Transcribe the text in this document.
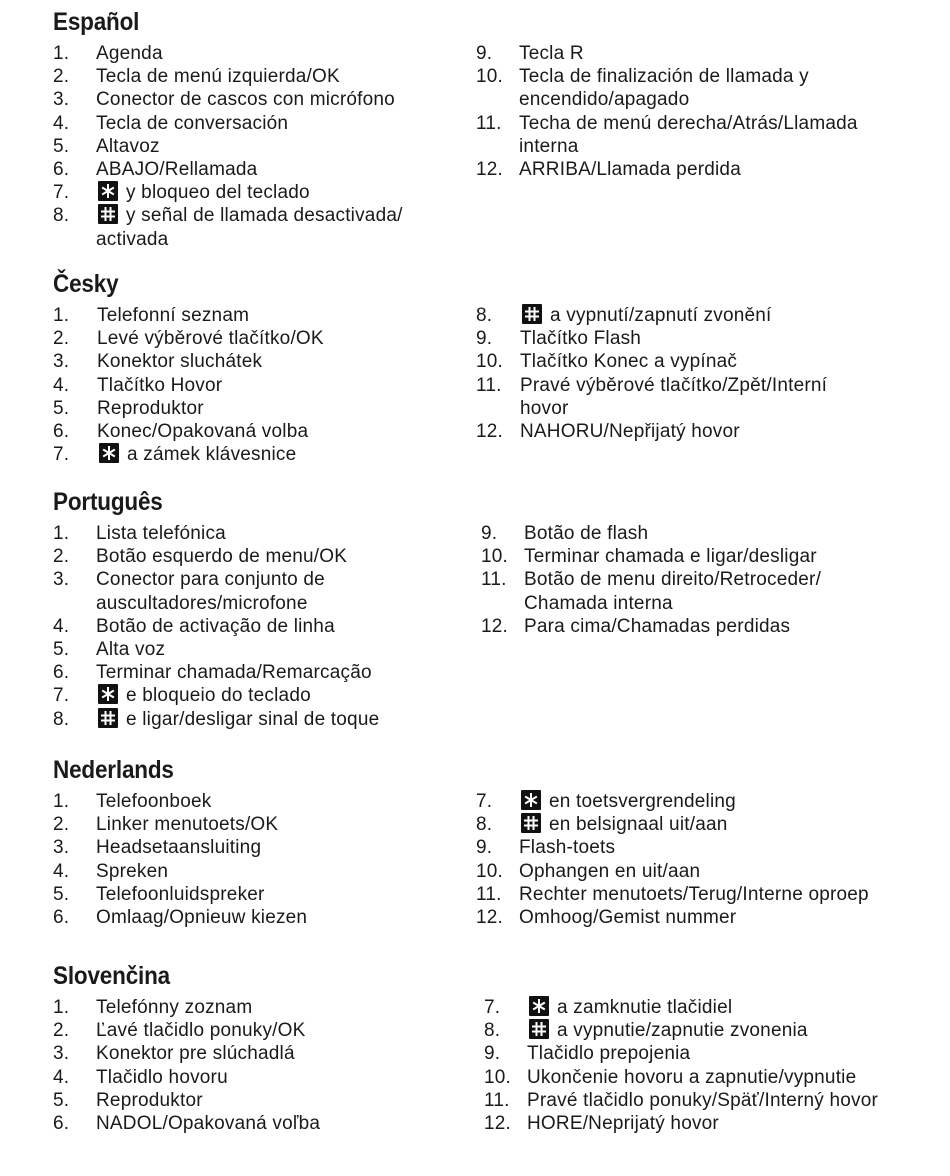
Español
1. Agenda
2. Tecla de menú izquierda/OK
3. Conector de cascos con micrófono
4. Tecla de conversación
5. Altavoz
6. ABAJO/Rellamada
7.	y bloqueo del teclado
8.	y señal de llamada desactivada/
activada
9. Tecla R
10. Tecla de finalización de llamada y
encendido/apagado
11. Techa de menú derecha/Atrás/Llamada
interna
12. ARRIBA/Llamada perdida
Česky
1. Telefonní seznam
2. Levé výběrové tlačítko/OK
3. Konektor sluchátek
4. Tlačítko Hovor
5. Reproduktor
6. Konec/Opakovaná volba
7.	a zámek klávesnice
8.	a vypnutí/zapnutí zvonění
9. Tlačítko Flash
10. Tlačítko Konec a vypínač
11. Pravé výběrové tlačítko/Zpět/Interní
hovor
12. NAHORU/Nepřijatý hovor
Português
1. Lista telefónica
2. Botão esquerdo de menu/OK
3. Conector para conjunto de
auscultadores/microfone
4. Botão de activação de linha
5. Alta voz
6. Terminar chamada/Remarcação
7.	e bloqueio do teclado
8.	e ligar/desligar sinal de toque
9. Botão de flash
10. Terminar chamada e ligar/desligar
11. Botão de menu direito/Retroceder/
Chamada interna
12. Para cima/Chamadas perdidas
Nederlands
1. Telefoonboek
2. Linker menutoets/OK
3. Headsetaansluiting
4. Spreken
5. Telefoonluidspreker
6. Omlaag/Opnieuw kiezen
7.	en toetsvergrendeling
8.	en belsignaal uit/aan
9. Flash-toets
10. Ophangen en uit/aan
11. Rechter menutoets/Terug/Interne oproep
12. Omhoog/Gemist nummer
Slovenčina
1. Telefónny zoznam
2. Ľavé tlačidlo ponuky/OK
3. Konektor pre slúchadlá
4. Tlačidlo hovoru
5. Reproduktor
6. NADOL/Opakovaná voľba
7.	a zamknutie tlačidiel
8.	a vypnutie/zapnutie zvonenia
9. Tlačidlo prepojenia
10. Ukončenie hovoru a zapnutie/vypnutie
11. Pravé tlačidlo ponuky/Späť/Interný hovor
12. HORE/Neprijatý hovor
